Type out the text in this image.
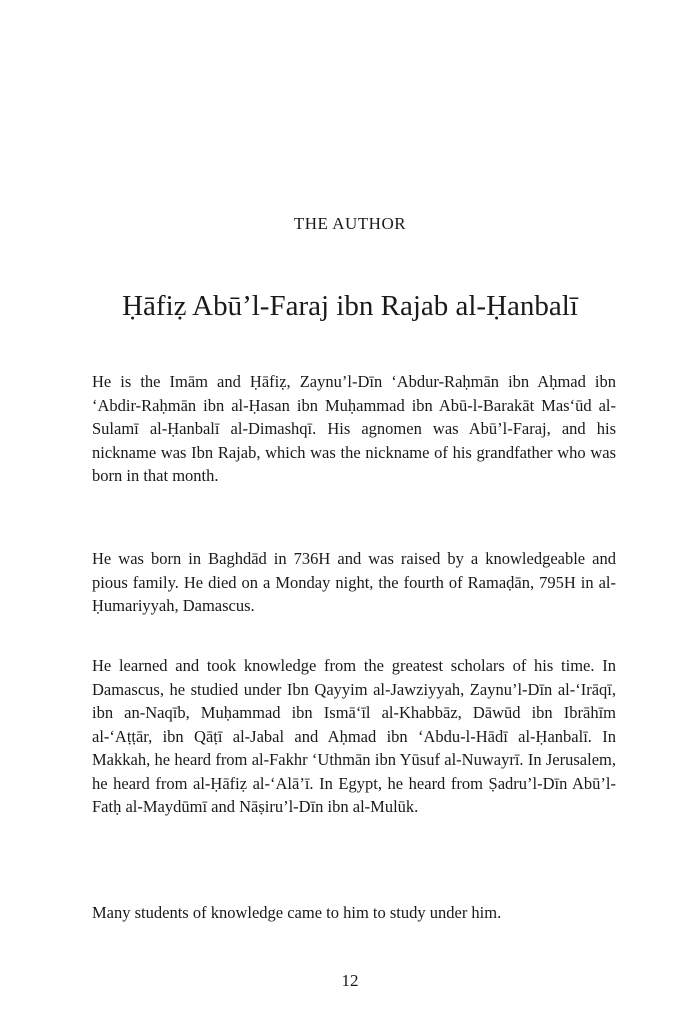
THE AUTHOR
Ḥāfiẓ Abū’l-Faraj ibn Rajab al-Ḥanbalī

He is the Imām and Ḥāfiẓ, Zaynu’l-Dīn ‘Abdur-Raḥmān ibn Aḥmad ibn ‘Abdir-Raḥmān ibn al-Ḥasan ibn Muḥammad ibn Abū-l-Barakāt Mas‘ūd al-Sulamī al-Ḥanbalī al-Dimashqī. His agnomen was Abū’l-Faraj, and his nickname was Ibn Rajab, which was the nickname of his grandfather who was born in that month.

He was born in Baghdād in 736H and was raised by a knowledgeable and pious family. He died on a Monday night, the fourth of Ramaḍān, 795H in al-Ḥumariyyah, Damascus.

He learned and took knowledge from the greatest scholars of his time. In Damascus, he studied under Ibn Qayyim al-Jawziyyah, Zaynu’l-Dīn al-‘Irāqī, ibn an-Naqīb, Muḥammad ibn Ismā‘īl al-Khabbāz, Dāwūd ibn Ibrāhīm al-‘Aṭṭār, ibn Qāṭī al-Jabal and Aḥmad ibn ‘Abdu-l-Hādī al-Ḥanbalī. In Makkah, he heard from al-Fakhr ‘Uthmān ibn Yūsuf al-Nuwayrī. In Jerusalem, he heard from al-Ḥāfiẓ al-‘Alā’ī. In Egypt, he heard from Ṣadru’l-Dīn Abū’l-Fatḥ al-Maydūmī and Nāṣiru’l-Dīn ibn al-Mulūk.

Many students of knowledge came to him to study under him.

12
